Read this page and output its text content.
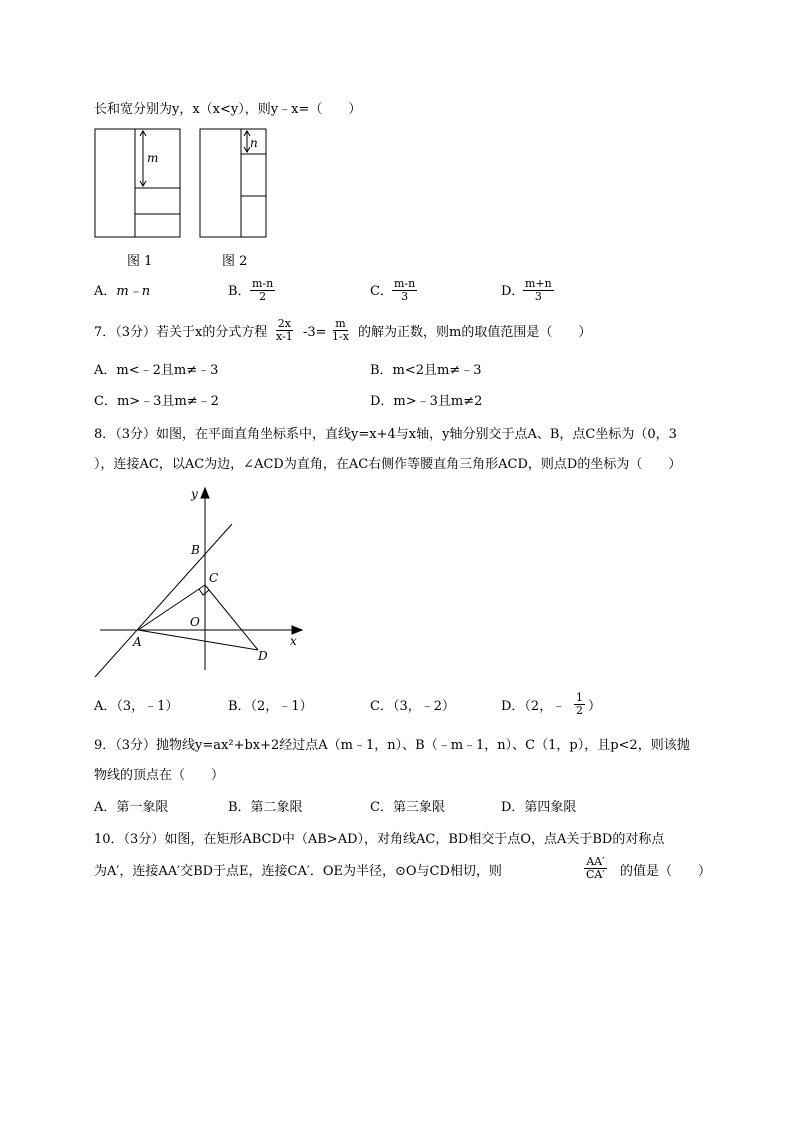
长和宽分别为y，x（x<y），则y﹣x=（　　）
m
n
图 1	图 2
A．m﹣n	B． $\frac{m-n}{2}$	C． $\frac{m-n}{3}$	D．
$\frac{m+n}{3}$
7．（3分）若关于x的分式方程 $\frac{2x}{x-1} -3= \frac{m}{1-x}$ 的解为正数，则m的取值范围是（　　）
A．m<﹣2且m≠﹣3	B．m<2且m≠﹣3
C．m>﹣3且m≠﹣2	D．m>﹣3且m≠2
8．（3分）如图，在平面直角坐标系中，直线y=x+4与x轴，y轴分别交于点A、B，点C坐标为（0，3
），连接AC，以AC为边，∠ACD为直角，在AC右侧作等腰直角三角形ACD，则点D的坐标为（　　）
y
x
B
C
O
A
D
A．（3，﹣1）	B．（2，﹣1）	C．（3，﹣2）	D．（2，﹣ $\frac{1}{2}$ ）
9．（3分）抛物线y=ax²+bx+2经过点A（m﹣1，n）、B（﹣m﹣1，n）、C（1，p），且p<2，则该抛
物线的顶点在（　　）
A．第一象限	B．第二象限	C．第三象限	D．第四象限
10．（3分）如图，在矩形ABCD中（AB>AD），对角线AC，BD相交于点O，点A关于BD的对称点
为A′，连接AA′交BD于点E，连接CA′．OE为半径，⊙O与CD相切，则	$\frac{AA'}{CA'}$ 的值是（　　）
